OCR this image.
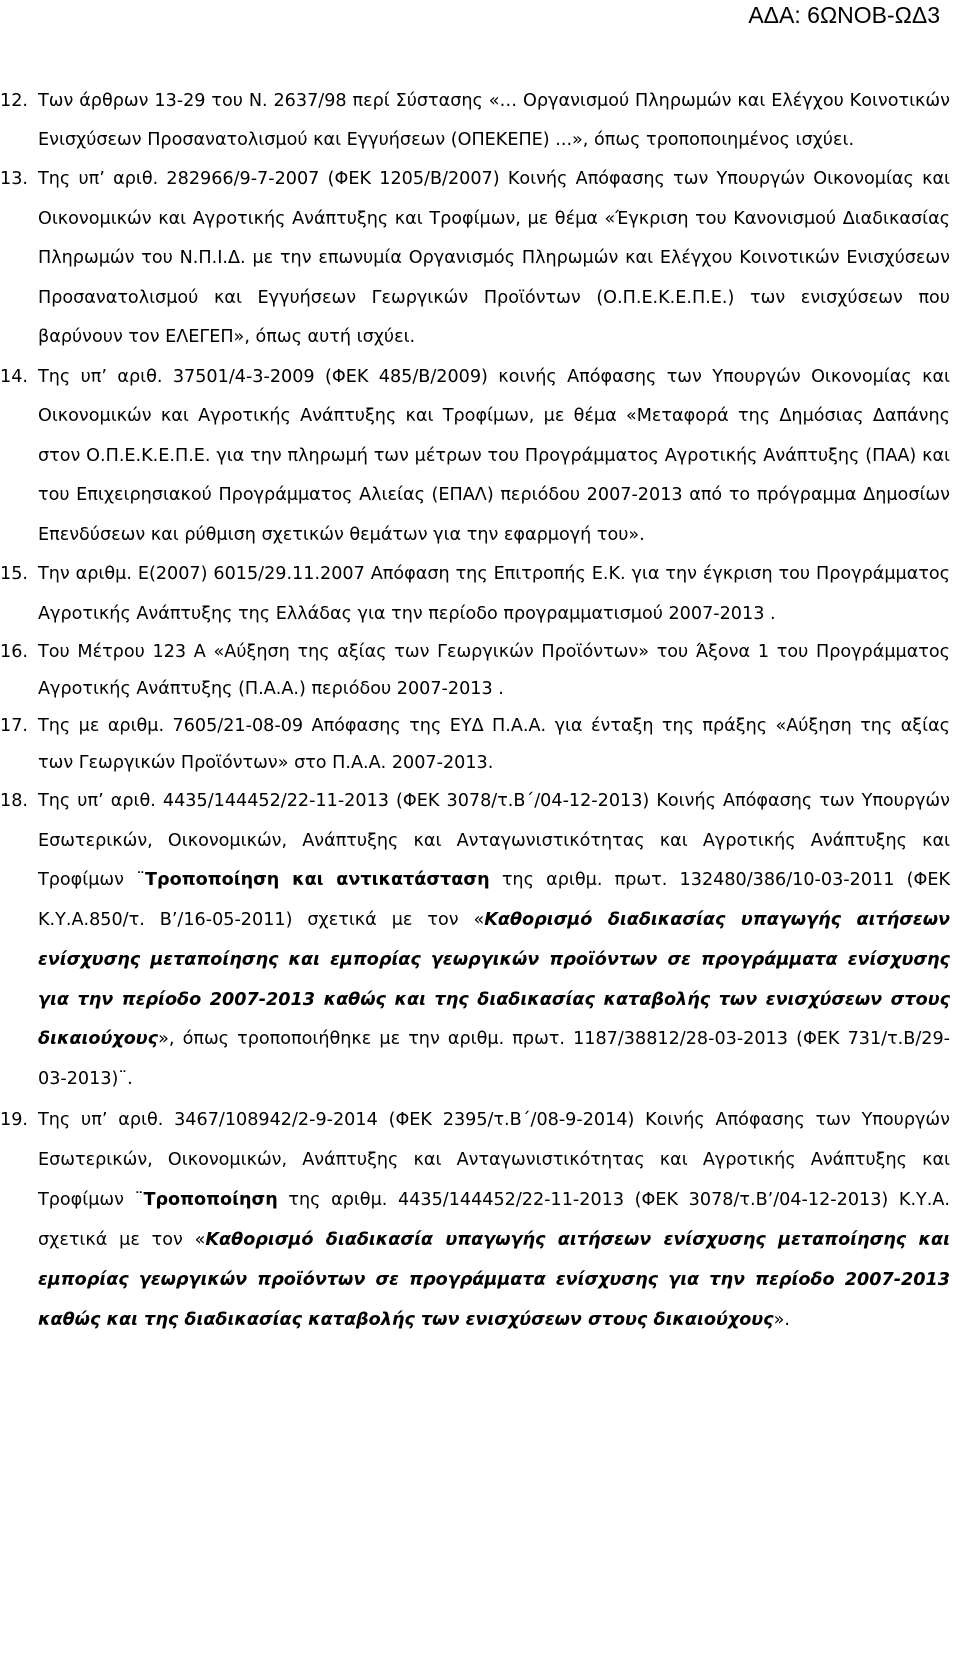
ΑΔΑ: 6ΩΝΟΒ-ΩΔ3
12. Των άρθρων 13-29 του Ν. 2637/98 περί Σύστασης «… Οργανισμού Πληρωμών και Ελέγχου Κοινοτικών Ενισχύσεων Προσανατολισμού και Εγγυήσεων (ΟΠΕΚΕΠΕ) ...», όπως τροποποιημένος ισχύει.
13. Της υπ’ αριθ. 282966/9-7-2007 (ΦΕΚ 1205/Β/2007) Κοινής Απόφασης των Υπουργών Οικονομίας και Οικονομικών και Αγροτικής Ανάπτυξης και Τροφίμων, με θέμα «Έγκριση του Κανονισμού Διαδικασίας Πληρωμών του Ν.Π.Ι.Δ. με την επωνυμία Οργανισμός Πληρωμών και Ελέγχου Κοινοτικών Ενισχύσεων Προσανατολισμού και Εγγυήσεων Γεωργικών Προϊόντων (Ο.Π.Ε.Κ.Ε.Π.Ε.) των ενισχύσεων που βαρύνουν τον ΕΛΕΓΕΠ», όπως αυτή ισχύει.
14. Της υπ’ αριθ. 37501/4-3-2009 (ΦΕΚ 485/Β/2009) κοινής Απόφασης των Υπουργών Οικονομίας και Οικονομικών και Αγροτικής Ανάπτυξης και Τροφίμων, με θέμα «Μεταφορά της Δημόσιας Δαπάνης στον Ο.Π.Ε.Κ.Ε.Π.Ε. για την πληρωμή των μέτρων του Προγράμματος Αγροτικής Ανάπτυξης (ΠΑΑ) και του Επιχειρησιακού Προγράμματος Αλιείας (ΕΠΑΛ) περιόδου 2007-2013 από το πρόγραμμα Δημοσίων Επενδύσεων και ρύθμιση σχετικών θεμάτων για την εφαρμογή του».
15. Την αριθμ. Ε(2007) 6015/29.11.2007 Απόφαση της Επιτροπής Ε.Κ. για την έγκριση του Προγράμματος Αγροτικής Ανάπτυξης της Ελλάδας για την περίοδο προγραμματισμού 2007-2013 .
16. Του Μέτρου 123 Α «Αύξηση της αξίας των Γεωργικών Προϊόντων» του Άξονα 1 του Προγράμματος Αγροτικής Ανάπτυξης (Π.Α.Α.) περιόδου 2007-2013 .
17. Της με αριθμ. 7605/21-08-09 Απόφασης της ΕΥΔ Π.Α.Α. για ένταξη της πράξης «Αύξηση της αξίας των Γεωργικών Προϊόντων» στο Π.Α.Α. 2007-2013.
18. Της υπ’ αριθ. 4435/144452/22-11-2013 (ΦΕΚ 3078/τ.Β΄/04-12-2013) Κοινής Απόφασης των Υπουργών Εσωτερικών, Οικονομικών, Ανάπτυξης και Ανταγωνιστικότητας και Αγροτικής Ανάπτυξης και Τροφίμων ¨Τροποποίηση και αντικατάσταση της αριθμ. πρωτ. 132480/386/10-03-2011 (ΦΕΚ Κ.Υ.Α.850/τ. Β’/16-05-2011) σχετικά με τον «Καθορισμό διαδικασίας υπαγωγής αιτήσεων ενίσχυσης μεταποίησης και εμπορίας γεωργικών προϊόντων σε προγράμματα ενίσχυσης για την περίοδο 2007-2013 καθώς και της διαδικασίας καταβολής των ενισχύσεων στους δικαιούχους», όπως τροποποιήθηκε με την αριθμ. πρωτ. 1187/38812/28-03-2013 (ΦΕΚ 731/τ.Β/29-03-2013)¨.
19. Της υπ’ αριθ. 3467/108942/2-9-2014 (ΦΕΚ 2395/τ.Β΄/08-9-2014) Κοινής Απόφασης των Υπουργών Εσωτερικών, Οικονομικών, Ανάπτυξης και Ανταγωνιστικότητας και Αγροτικής Ανάπτυξης και Τροφίμων ¨Τροποποίηση της αριθμ. 4435/144452/22-11-2013 (ΦΕΚ 3078/τ.Β’/04-12-2013) Κ.Υ.Α. σχετικά με τον «Καθορισμό διαδικασία υπαγωγής αιτήσεων ενίσχυσης μεταποίησης και εμπορίας γεωργικών προϊόντων σε προγράμματα ενίσχυσης για την περίοδο 2007-2013 καθώς και της διαδικασίας καταβολής των ενισχύσεων στους δικαιούχους».
